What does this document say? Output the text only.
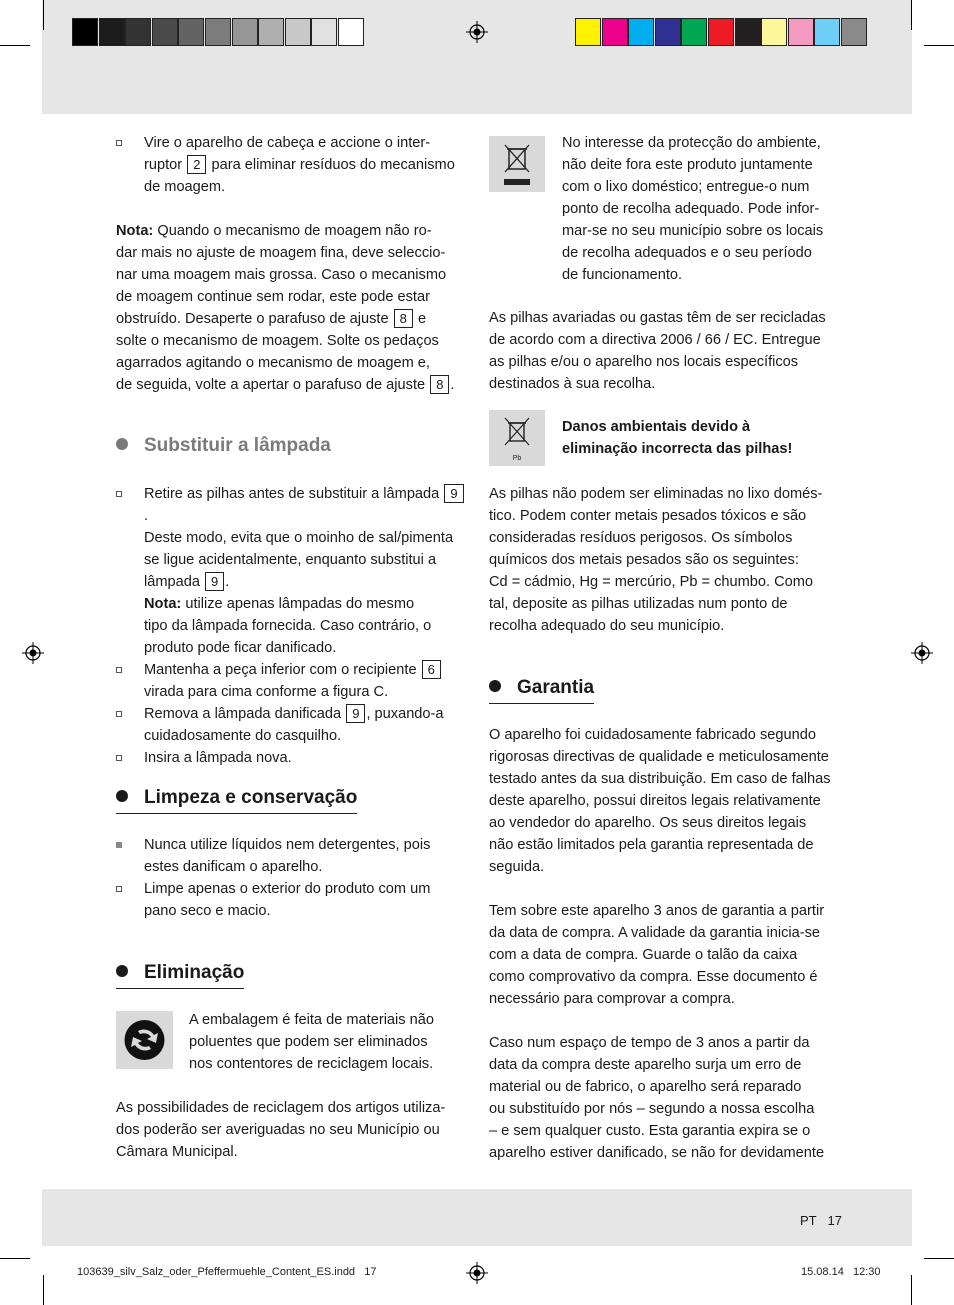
Vire o aparelho de cabeça e accione o inter-
ruptor 2 para eliminar resíduos do mecanismo
de moagem.

Nota: Quando o mecanismo de moagem não ro-
dar mais no ajuste de moagem fina, deve seleccio-
nar uma moagem mais grossa. Caso o mecanismo
de moagem continue sem rodar, este pode estar
obstruído. Desaperte o parafuso de ajuste 8 e
solte o mecanismo de moagem. Solte os pedaços
agarrados agitando o mecanismo de moagem e,
de seguida, volte a apertar o parafuso de ajuste 8 .

Substituir a lâmpada

Retire as pilhas antes de substituir a lâmpada 9.
Deste modo, evita que o moinho de sal/pimenta
se ligue acidentalmente, enquanto substitui a
lâmpada 9 .
Nota: utilize apenas lâmpadas do mesmo
tipo da lâmpada fornecida. Caso contrário, o
produto pode ficar danificado.

Mantenha a peça inferior com o recipiente 6
virada para cima conforme a figura C.

Remova a lâmpada danificada 9 , puxando-a
cuidadosamente do casquilho.

Insira a lâmpada nova.

Limpeza e conservação

Nunca utilize líquidos nem detergentes, pois
estes danificam o aparelho.

Limpe apenas o exterior do produto com um
pano seco e macio.

Eliminação

A embalagem é feita de materiais não
poluentes que podem ser eliminados
nos contentores de reciclagem locais.

As possibilidades de reciclagem dos artigos utiliza-
dos poderão ser averiguadas no seu Município ou
Câmara Municipal.

No interesse da protecção do ambiente,
não deite fora este produto juntamente
com o lixo doméstico; entregue-o num
ponto de recolha adequado. Pode infor-
mar-se no seu município sobre os locais
de recolha adequados e o seu período
de funcionamento.

As pilhas avariadas ou gastas têm de ser recicladas
de acordo com a directiva 2006 / 66 / EC. Entregue
as pilhas e/ou o aparelho nos locais específicos
destinados à sua recolha.

Pb

Danos ambientais devido à
eliminação incorrecta das pilhas!

As pilhas não podem ser eliminadas no lixo domés-
tico. Podem conter metais pesados tóxicos e são
consideradas resíduos perigosos. Os símbolos
químicos dos metais pesados são os seguintes:
Cd = cádmio, Hg = mercúrio, Pb = chumbo. Como
tal, deposite as pilhas utilizadas num ponto de
recolha adequado do seu município.

Garantia

O aparelho foi cuidadosamente fabricado segundo
rigorosas directivas de qualidade e meticulosamente
testado antes da sua distribuição. Em caso de falhas
deste aparelho, possui direitos legais relativamente
ao vendedor do aparelho. Os seus direitos legais
não estão limitados pela garantia representada de
seguida.

Tem sobre este aparelho 3 anos de garantia a partir
da data de compra. A validade da garantia inicia-se
com a data de compra. Guarde o talão da caixa
como comprovativo da compra. Esse documento é
necessário para comprovar a compra.

Caso num espaço de tempo de 3 anos a partir da
data da compra deste aparelho surja um erro de
material ou de fabrico, o aparelho será reparado
ou substituído por nós – segundo a nossa escolha
– e sem qualquer custo. Esta garantia expira se o
aparelho estiver danificado, se não for devidamente

PT 17
103639_silv_Salz_oder_Pfeffermuehle_Content_ES.indd 17	15.08.14 12:30
